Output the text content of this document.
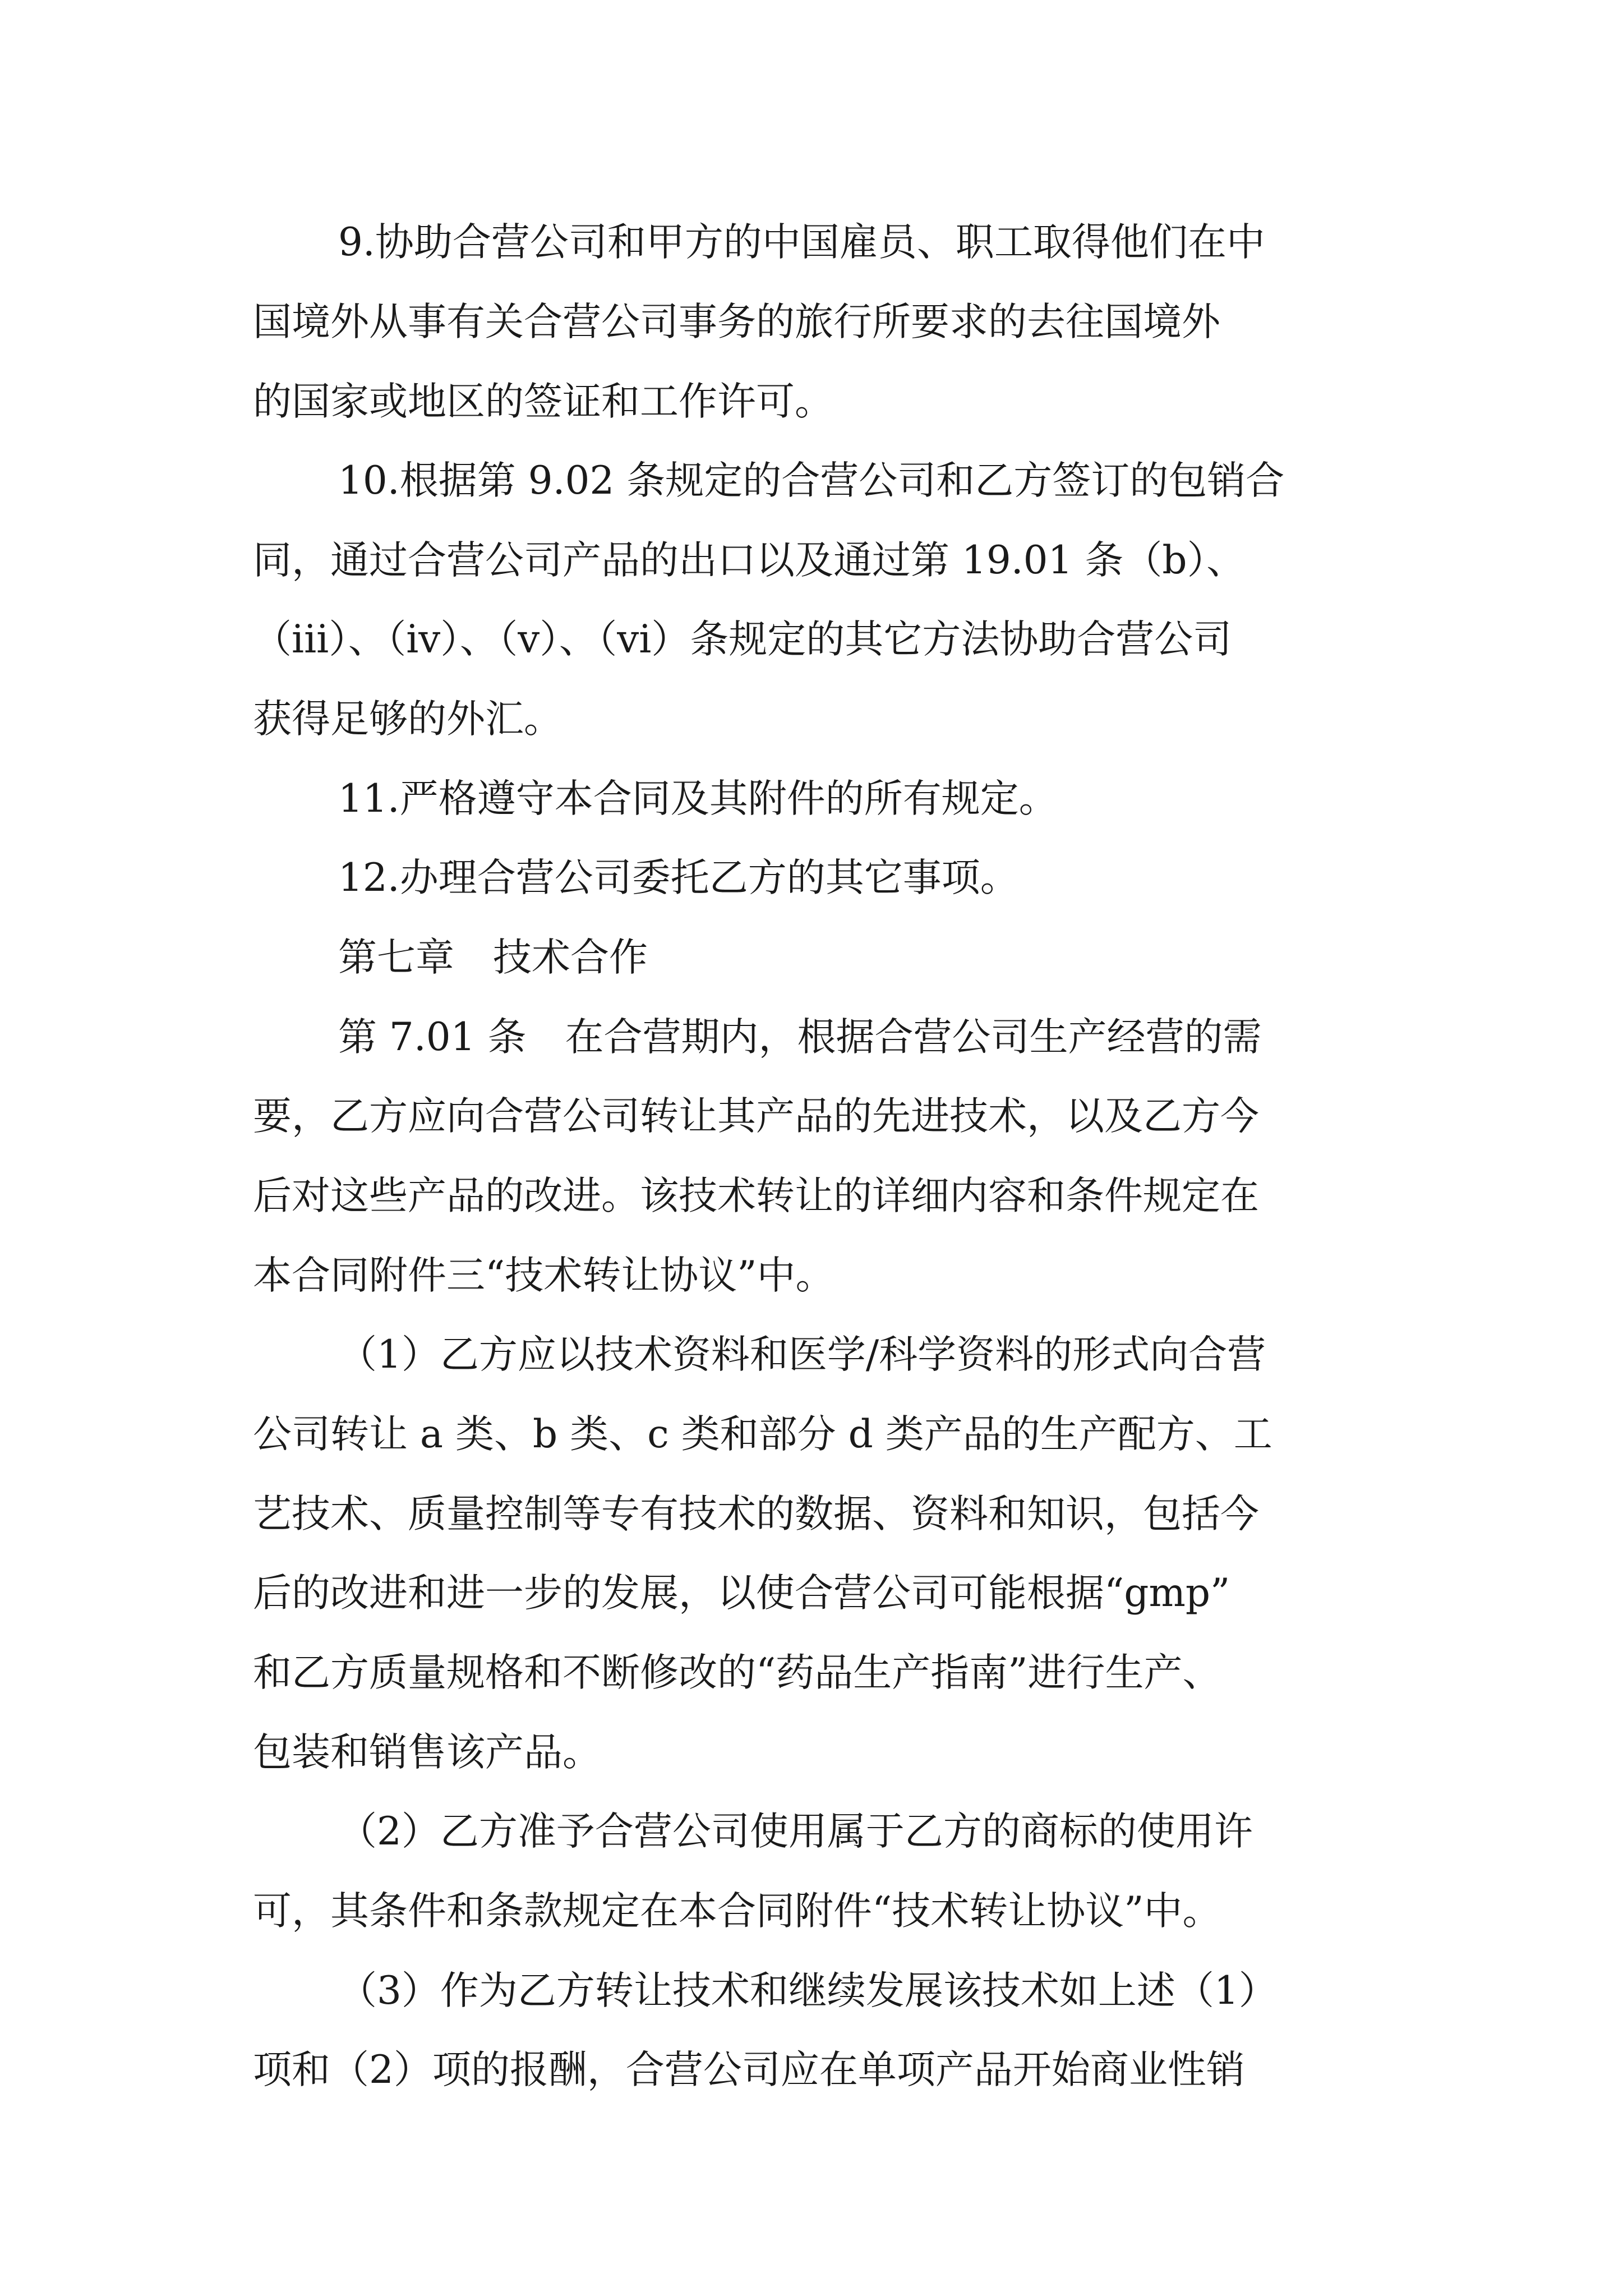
9.协助合营公司和甲方的中国雇员、职工取得他们在中
国境外从事有关合营公司事务的旅行所要求的去往国境外
的国家或地区的签证和工作许可。
10.根据第 9.02 条规定的合营公司和乙方签订的包销合
同，通过合营公司产品的出口以及通过第 19.01 条（b）、
（iii）、（iv）、（v）、（vi）条规定的其它方法协助合营公司
获得足够的外汇。
11.严格遵守本合同及其附件的所有规定。
12.办理合营公司委托乙方的其它事项。
第七章　技术合作
第 7.01 条　在合营期内，根据合营公司生产经营的需
要，乙方应向合营公司转让其产品的先进技术，以及乙方今
后对这些产品的改进。该技术转让的详细内容和条件规定在
本合同附件三“技术转让协议”中。
（1）乙方应以技术资料和医学/科学资料的形式向合营
公司转让 a 类、b 类、c 类和部分 d 类产品的生产配方、工
艺技术、质量控制等专有技术的数据、资料和知识，包括今
后的改进和进一步的发展，以使合营公司可能根据“gmp”
和乙方质量规格和不断修改的“药品生产指南”进行生产、
包装和销售该产品。
（2）乙方准予合营公司使用属于乙方的商标的使用许
可，其条件和条款规定在本合同附件“技术转让协议”中。
（3）作为乙方转让技术和继续发展该技术如上述（1）
项和（2）项的报酬，合营公司应在单项产品开始商业性销
